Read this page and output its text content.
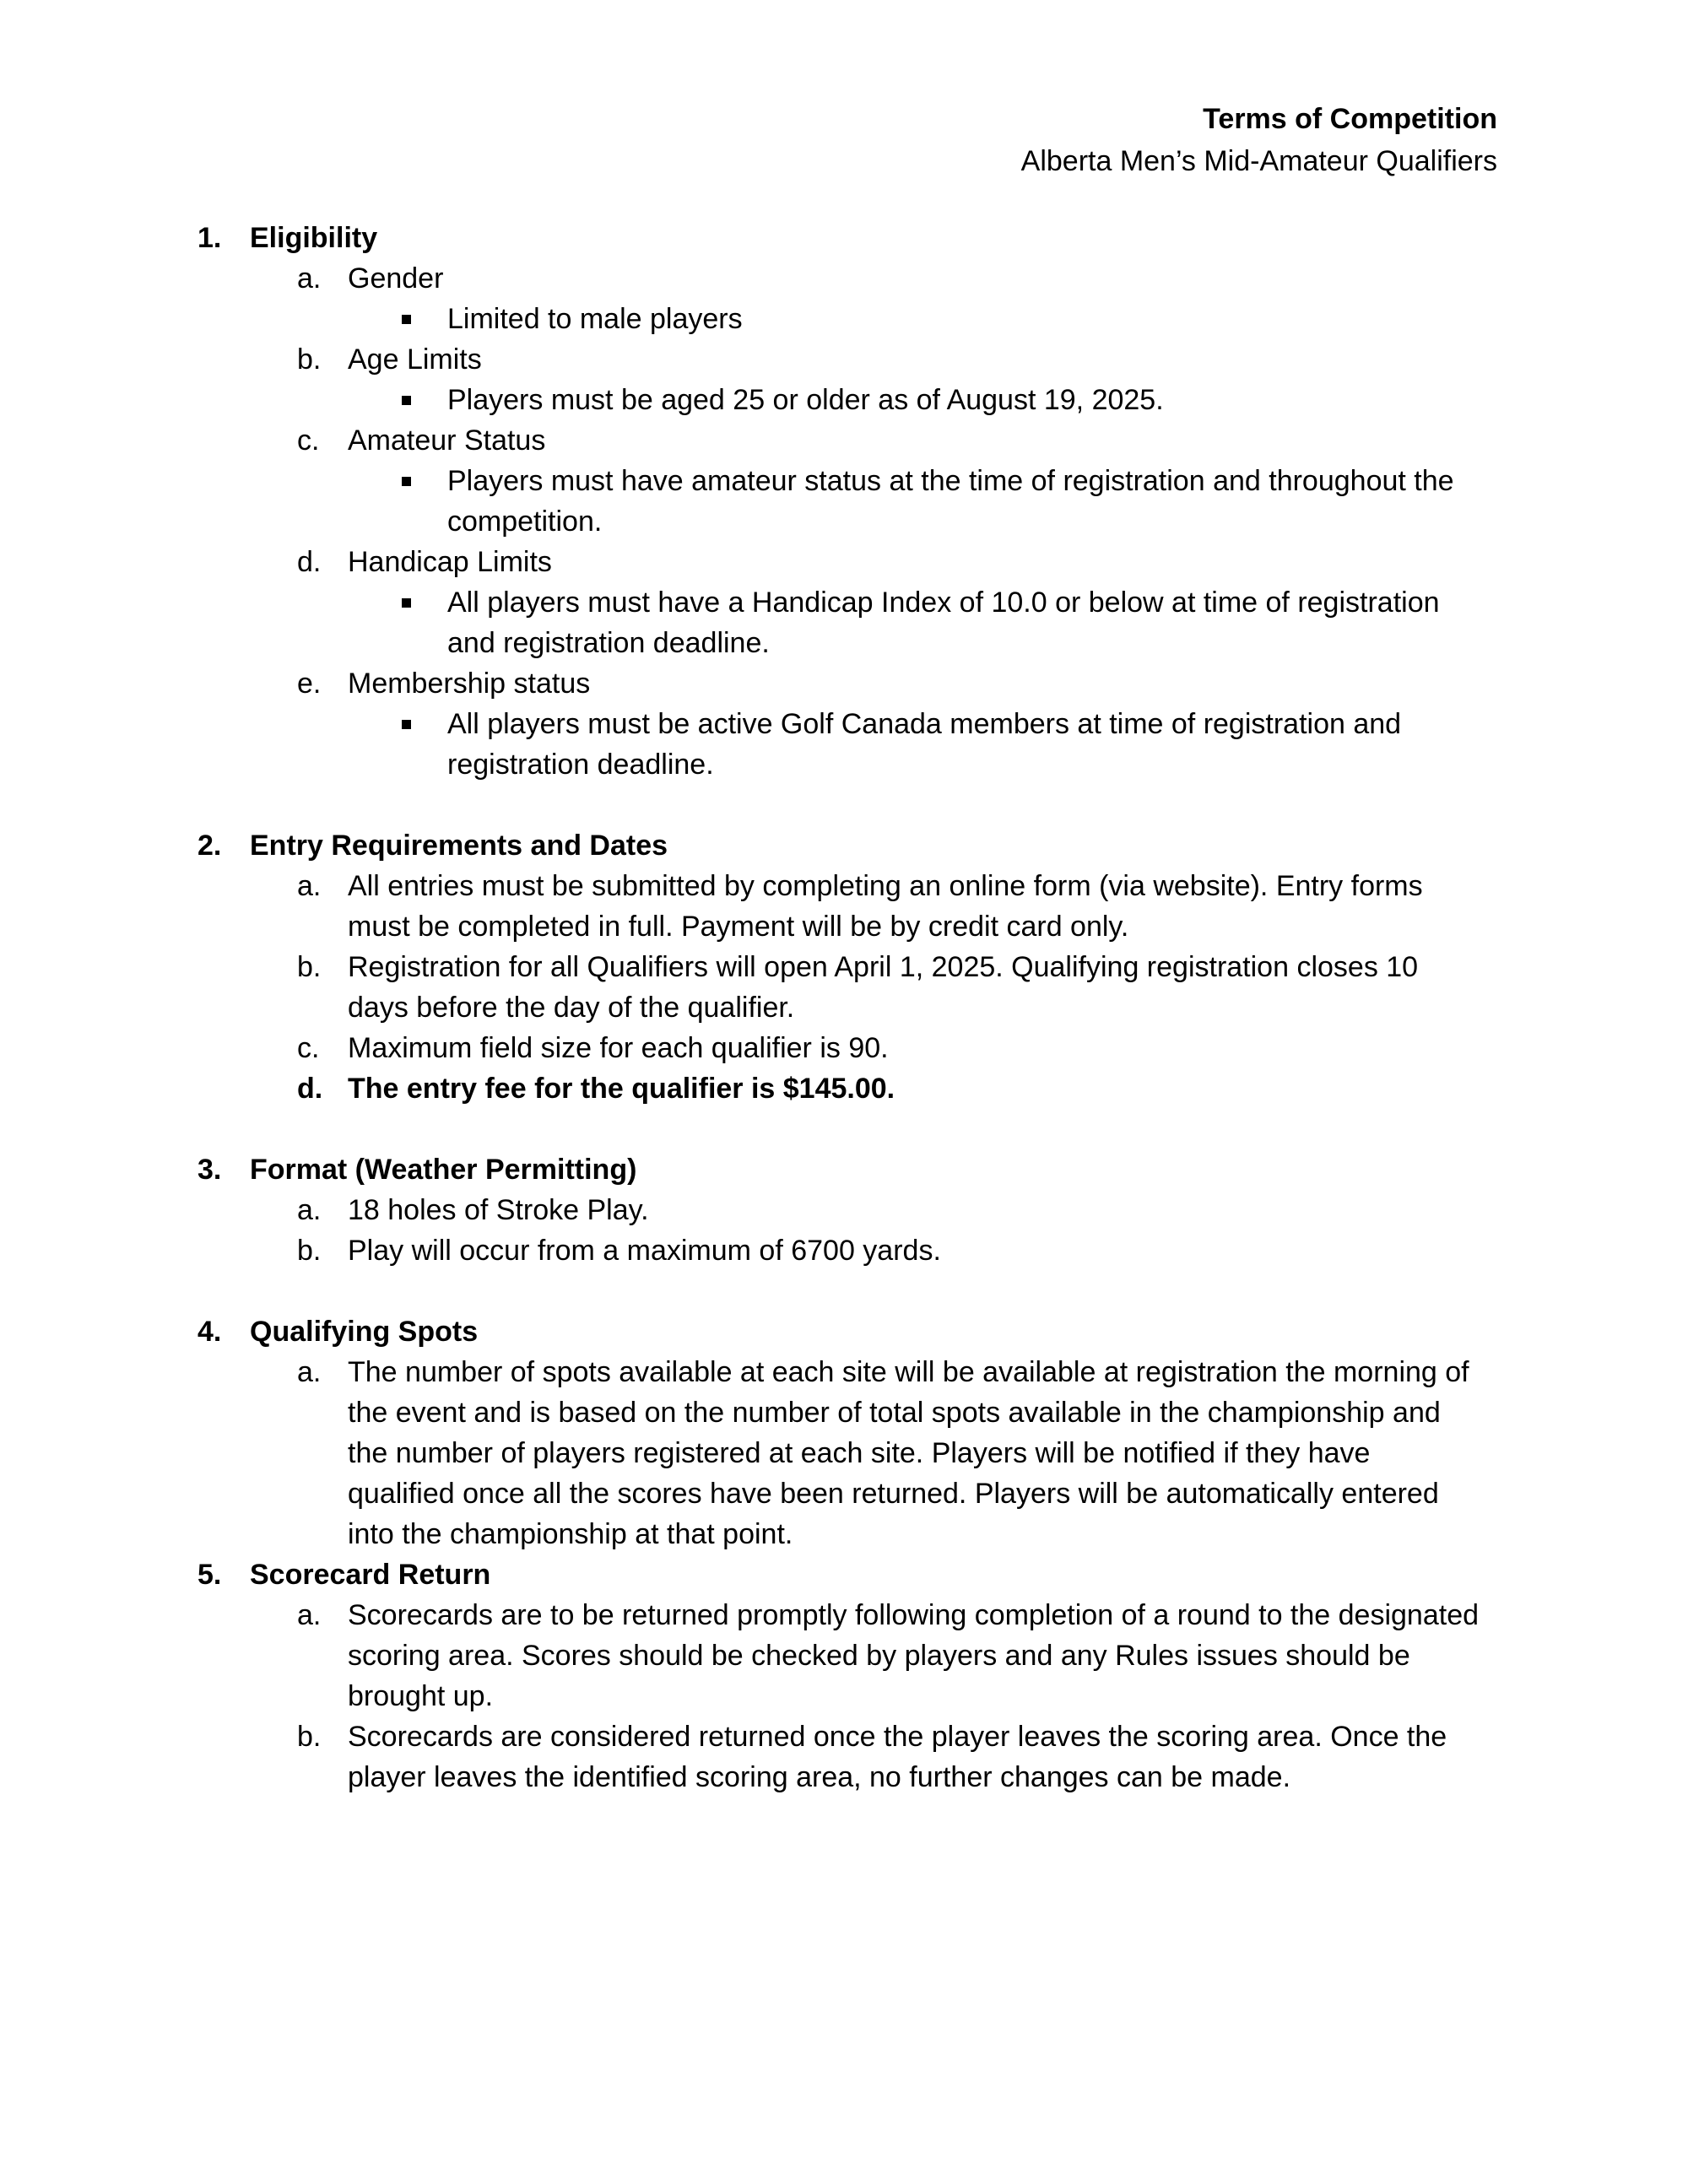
Terms of Competition
Alberta Men’s Mid-Amateur Qualifiers
1. Eligibility
a. Gender
Limited to male players
b. Age Limits
Players must be aged 25 or older as of August 19, 2025.
c. Amateur Status
Players must have amateur status at the time of registration and throughout the competition.
d. Handicap Limits
All players must have a Handicap Index of 10.0 or below at time of registration and registration deadline.
e. Membership status
All players must be active Golf Canada members at time of registration and registration deadline.
2. Entry Requirements and Dates
a. All entries must be submitted by completing an online form (via website). Entry forms must be completed in full. Payment will be by credit card only.
b. Registration for all Qualifiers will open April 1, 2025. Qualifying registration closes 10 days before the day of the qualifier.
c. Maximum field size for each qualifier is 90.
d. The entry fee for the qualifier is $145.00.
3. Format (Weather Permitting)
a. 18 holes of Stroke Play.
b. Play will occur from a maximum of 6700 yards.
4. Qualifying Spots
a. The number of spots available at each site will be available at registration the morning of the event and is based on the number of total spots available in the championship and the number of players registered at each site. Players will be notified if they have qualified once all the scores have been returned. Players will be automatically entered into the championship at that point.
5. Scorecard Return
a. Scorecards are to be returned promptly following completion of a round to the designated scoring area. Scores should be checked by players and any Rules issues should be brought up.
b. Scorecards are considered returned once the player leaves the scoring area. Once the player leaves the identified scoring area, no further changes can be made.
